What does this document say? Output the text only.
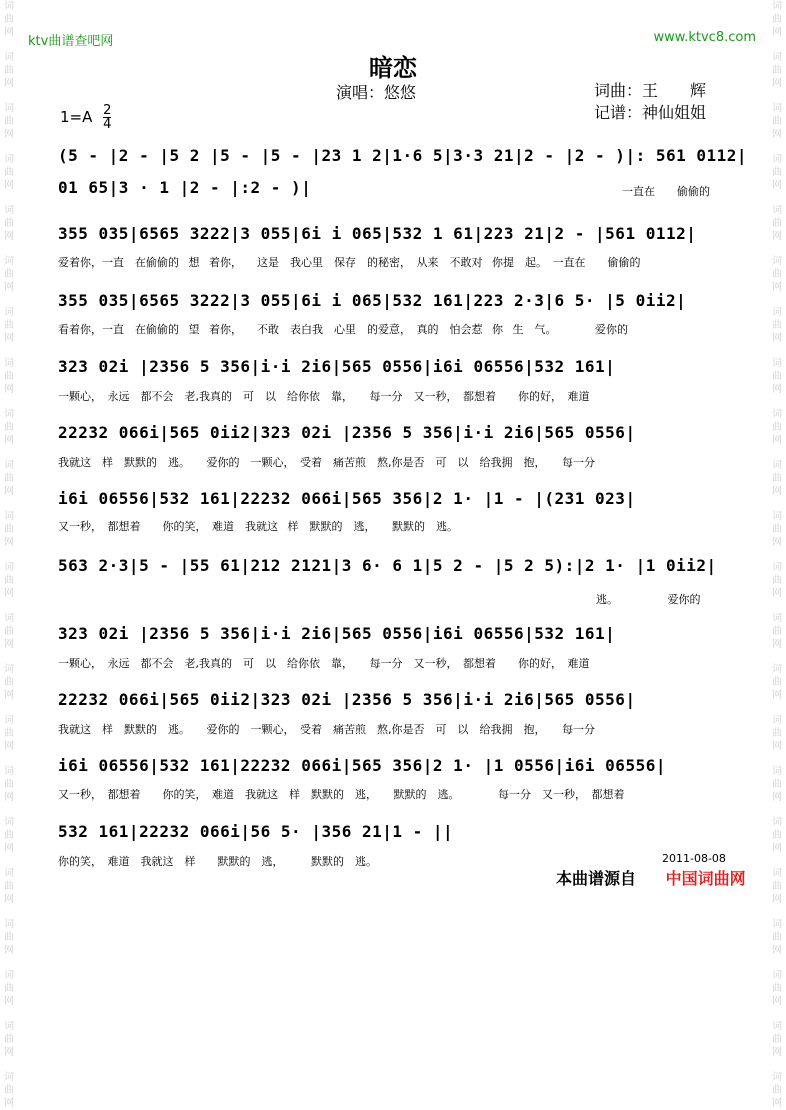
词曲网
词曲网
词曲网
词曲网
词曲网
词曲网
词曲网
词曲网
词曲网
词曲网
词曲网
词曲网
词曲网
词曲网
词曲网
词曲网
词曲网
词曲网
词曲网
词曲网
词曲网
词曲网
词曲网
词曲网
词曲网
词曲网
词曲网
词曲网
词曲网
词曲网
词曲网
词曲网
词曲网
词曲网
词曲网
词曲网
词曲网
词曲网
词曲网
词曲网
词曲网
词曲网
词曲网
词曲网
ktv曲谱查吧网	www.ktvc8.com
暗恋
演唱：悠悠	词曲：王　　辉
记谱：神仙姐姐
$1=A \frac{2}{4}$
(5 - |2 - |5 2 |5 - |5 - |23 1 2|1·6 5|3·3 21|2 - |2 - )|: 561 0112|
01 65|3 · 1 |2 - |:2 - )|	一直在　　偷偷的
355 035|6565 3222|3 055|6i i 065|532 1 61|223 21|2 - |561 0112|
爱着你，一直　在偷偷的 想 着你，　 这是　我心里　保存　的秘密，　从来　不敢对 你提　起。　一直在　　偷偷的
355 035|6565 3222|3 055|6i i 065|532 161|223 2·3|6 5· |5 0ii2|
看着你，一直　在偷偷的 望 着你，　 不敢　表白我　心里　的爱意，　真的　怕会惹 你 生　气。　　　　爱你的
323 02i |2356 5 356|i·i 2i6|565 0556|i6i 06556|532 161|
一颗心，　永远　都不会　老,我真的　可　以　给你依　靠，　　每一分　又一秒，　都想着　　你的好，　难道
22232 066i|565 0ii2|323 02i |2356 5 356|i·i 2i6|565 0556|
我就这　样　默默的　逃。　　爱你的　一颗心，　受着　痛苦煎　熬,你是否　可　以　给我拥　抱，　　每一分
i6i 06556|532 161|22232 066i|565 356|2 1· |1 - |(231 023|
又一秒，　都想着　　你的笑，　难道　我就这 样　默默的　逃，　　默默的　逃。
563 2·3|5 - |55 61|212 2121|3 6· 6 1|5 2 - |5 2 5):|2 1· |1 0ii2|
逃。　　　　　爱你的
323 02i |2356 5 356|i·i 2i6|565 0556|i6i 06556|532 161|
一颗心，　永远　都不会　老,我真的　可　以　给你依　靠，　　每一分　又一秒，　都想着　　你的好，　难道
22232 066i|565 0ii2|323 02i |2356 5 356|i·i 2i6|565 0556|
我就这　样　默默的　逃。　　爱你的　一颗心，　受着　痛苦煎　熬,你是否　可　以　给我拥　抱，　　每一分
i6i 06556|532 161|22232 066i|565 356|2 1· |1 0556|i6i 06556|
又一秒，　都想着　　你的笑，　难道　我就这　样　默默的　逃，　　默默的　逃。　　　　每一分　又一秒，　都想着
532 161|22232 066i|56 5· |356 21|1 - ||
你的笑，　难道　我就这　样　　默默的　逃，　　　默默的　逃。	2011-08-08
本曲谱源自 中国词曲网
